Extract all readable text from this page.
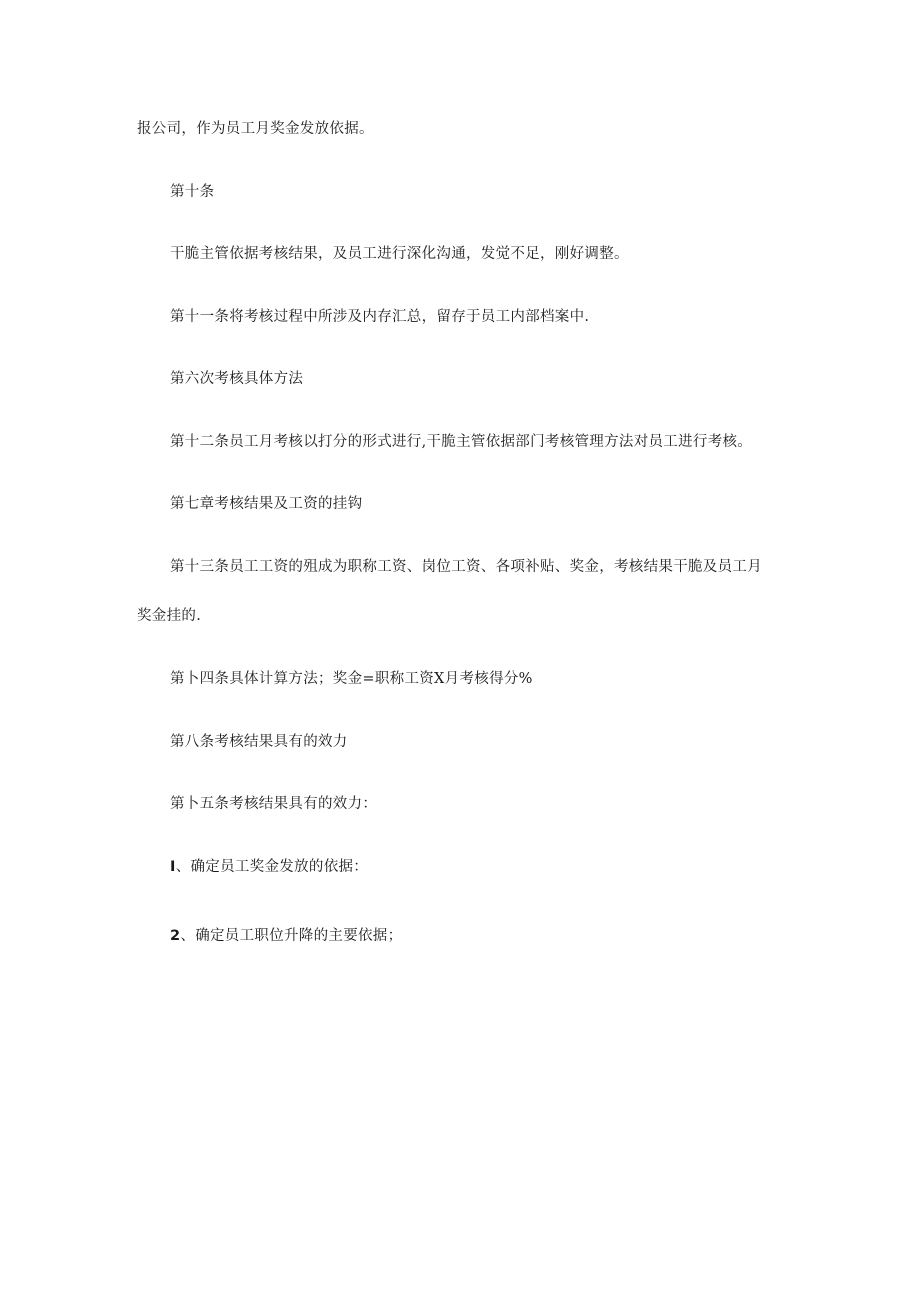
报公司，作为员工月奖金发放依据。

第十条

干脆主管依据考核结果，及员工进行深化沟通，发觉不足，刚好调整。

第十一条将考核过程中所涉及内存汇总，留存于员工内部档案中.

第六次考核具体方法

第十二条员工月考核以打分的形式进行,干脆主管依据部门考核管理方法对员工进行考核。

第七章考核结果及工资的挂钩

第十三条员工工资的殂成为职称工资、岗位工资、各项补贴、奖金，考核结果干脆及员工月

奖金挂的.

第卜四条具体计算方法；奖金=职称工资X月考核得分%

第八条考核结果具有的效力

第卜五条考核结果具有的效力：

I、确定员工奖金发放的依据：

2、确定员工职位升降的主要依据；
